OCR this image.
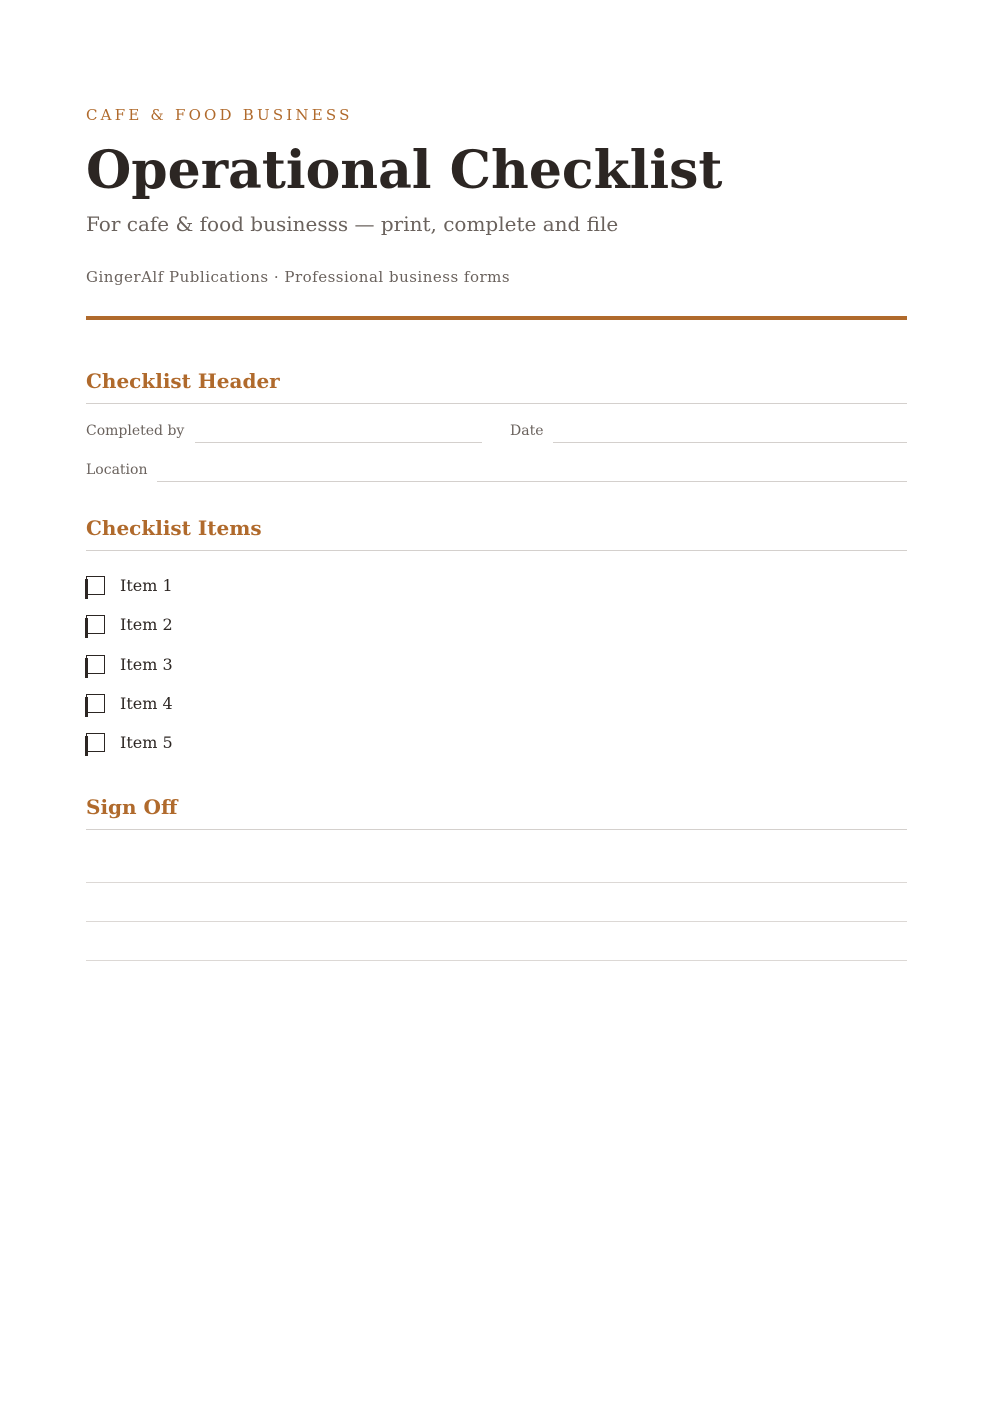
CAFE & FOOD BUSINESS
Operational Checklist
For cafe & food businesss — print, complete and file
GingerAlf Publications · Professional business forms
Checklist Header
Completed by	Date
Location
Checklist Items
Item 1
Item 2
Item 3
Item 4
Item 5
Sign Off
